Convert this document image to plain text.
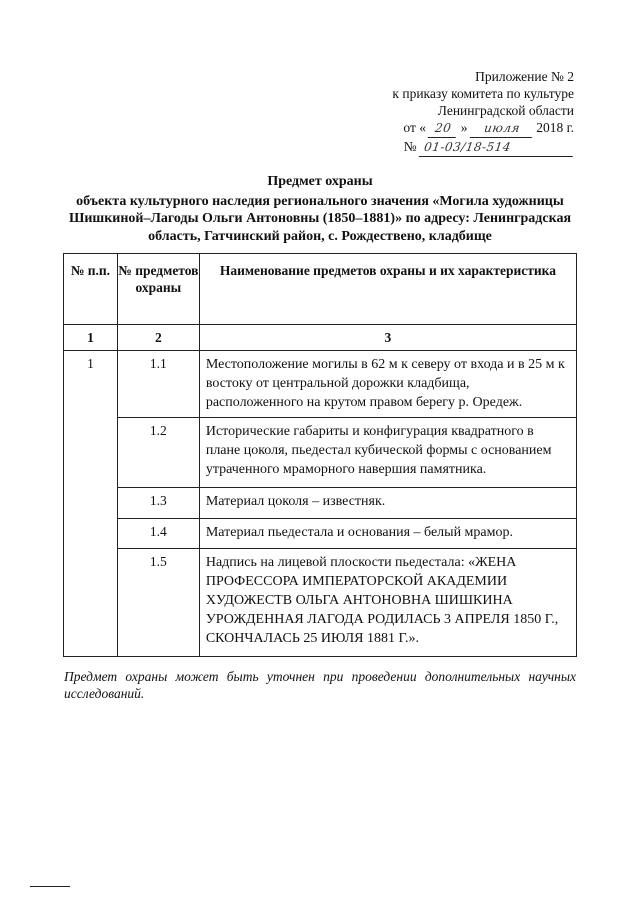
Приложение № 2
к приказу комитета по культуре
Ленинградской области
от « 20 » июля 2018 г.
№ 01-03/18-514
Предмет охраны
объекта культурного наследия регионального значения «Могила художницы Шишкиной–Лагоды Ольги Антоновны (1850–1881)» по адресу: Ленинградская область, Гатчинский район, с. Рождествено, кладбище
№ п.п.	№ предметов охраны	Наименование предметов охраны и их характеристика
1	2	3
1	1.1	Местоположение могилы в 62 м к северу от входа и в 25 м к востоку от центральной дорожки кладбища, расположенного на крутом правом берегу р. Оредеж.

	1.2	Исторические габариты и конфигурация квадратного в плане цоколя, пьедестал кубической формы с основанием утраченного мраморного навершия памятника.

	1.3	Материал цоколя – известняк.

	1.4	Материал пьедестала и основания – белый мрамор.

	1.5	Надпись на лицевой плоскости пьедестала: «ЖЕНА ПРОФЕССОРА ИМПЕРАТОРСКОЙ АКАДЕМИИ ХУДОЖЕСТВ ОЛЬГА АНТОНОВНА ШИШКИНА УРОЖДЕННАЯ ЛАГОДА РОДИЛАСЬ 3 АПРЕЛЯ 1850 Г., СКОНЧАЛАСЬ 25 ИЮЛЯ 1881 Г.».
Предмет охраны может быть уточнен при проведении дополнительных научных исследований.
